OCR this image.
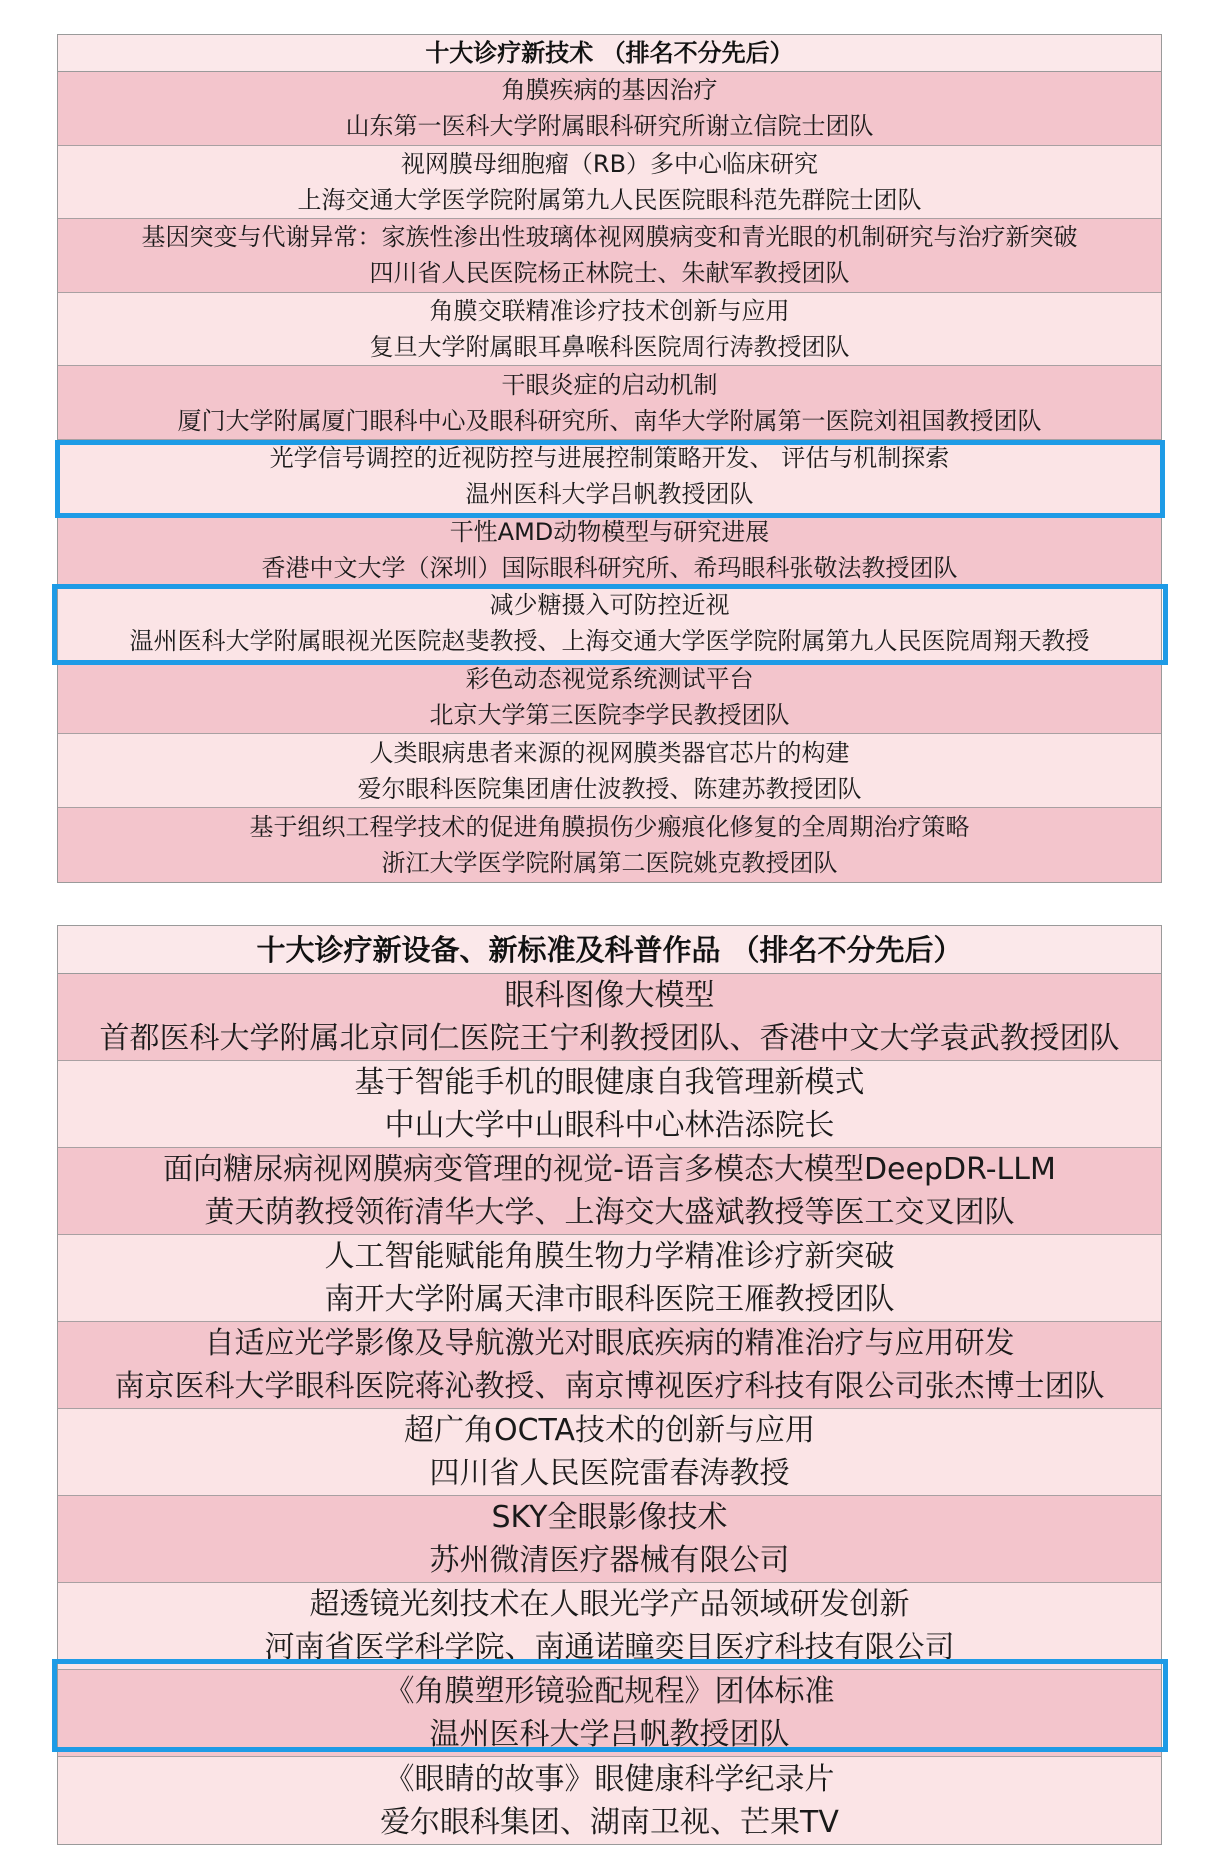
十大诊疗新技术 （排名不分先后）
角膜疾病的基因治疗
山东第一医科大学附属眼科研究所谢立信院士团队
视网膜母细胞瘤（RB）多中心临床研究
上海交通大学医学院附属第九人民医院眼科范先群院士团队
基因突变与代谢异常：家族性渗出性玻璃体视网膜病变和青光眼的机制研究与治疗新突破
四川省人民医院杨正林院士、朱献军教授团队
角膜交联精准诊疗技术创新与应用
复旦大学附属眼耳鼻喉科医院周行涛教授团队
干眼炎症的启动机制
厦门大学附属厦门眼科中心及眼科研究所、南华大学附属第一医院刘祖国教授团队
光学信号调控的近视防控与进展控制策略开发、 评估与机制探索
温州医科大学吕帆教授团队
干性AMD动物模型与研究进展
香港中文大学（深圳）国际眼科研究所、希玛眼科张敬法教授团队
减少糖摄入可防控近视
温州医科大学附属眼视光医院赵斐教授、上海交通大学医学院附属第九人民医院周翔天教授
彩色动态视觉系统测试平台
北京大学第三医院李学民教授团队
人类眼病患者来源的视网膜类器官芯片的构建
爱尔眼科医院集团唐仕波教授、陈建苏教授团队
基于组织工程学技术的促进角膜损伤少瘢痕化修复的全周期治疗策略
浙江大学医学院附属第二医院姚克教授团队
十大诊疗新设备、新标准及科普作品 （排名不分先后）
眼科图像大模型
首都医科大学附属北京同仁医院王宁利教授团队、香港中文大学袁武教授团队
基于智能手机的眼健康自我管理新模式
中山大学中山眼科中心林浩添院长
面向糖尿病视网膜病变管理的视觉-语言多模态大模型DeepDR-LLM
黄天荫教授领衔清华大学、上海交大盛斌教授等医工交叉团队
人工智能赋能角膜生物力学精准诊疗新突破
南开大学附属天津市眼科医院王雁教授团队
自适应光学影像及导航激光对眼底疾病的精准治疗与应用研发
南京医科大学眼科医院蒋沁教授、南京博视医疗科技有限公司张杰博士团队
超广角OCTA技术的创新与应用
四川省人民医院雷春涛教授
SKY全眼影像技术
苏州微清医疗器械有限公司
超透镜光刻技术在人眼光学产品领域研发创新
河南省医学科学院、南通诺瞳奕目医疗科技有限公司
《角膜塑形镜验配规程》团体标准
温州医科大学吕帆教授团队
《眼睛的故事》眼健康科学纪录片
爱尔眼科集团、湖南卫视、芒果TV
